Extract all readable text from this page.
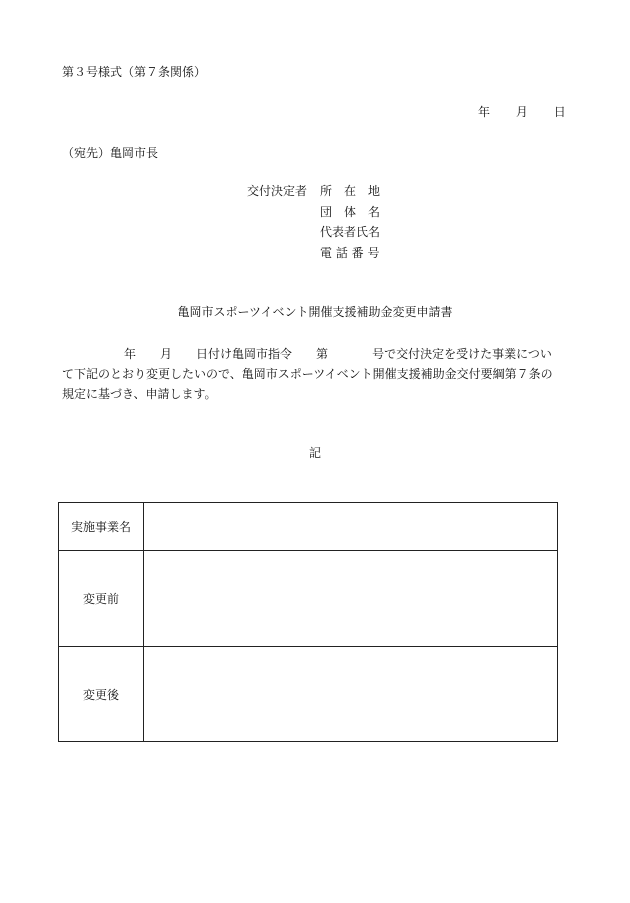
第３号様式（第７条関係）
年 月 日
（宛先）亀岡市長
交付決定者 所　在　地
団　体　名
代表者氏名
電 話 番 号
亀岡市スポーツイベント開催支援補助金変更申請書
年 月 日付け亀岡市指令 第	号で交付決定を受けた事業につい
て下記のとおり変更したいので、亀岡市スポーツイベント開催支援補助金交付要綱第７条の
規定に基づき、申請します。
記
実施事業名	
変更前	
変更後	
